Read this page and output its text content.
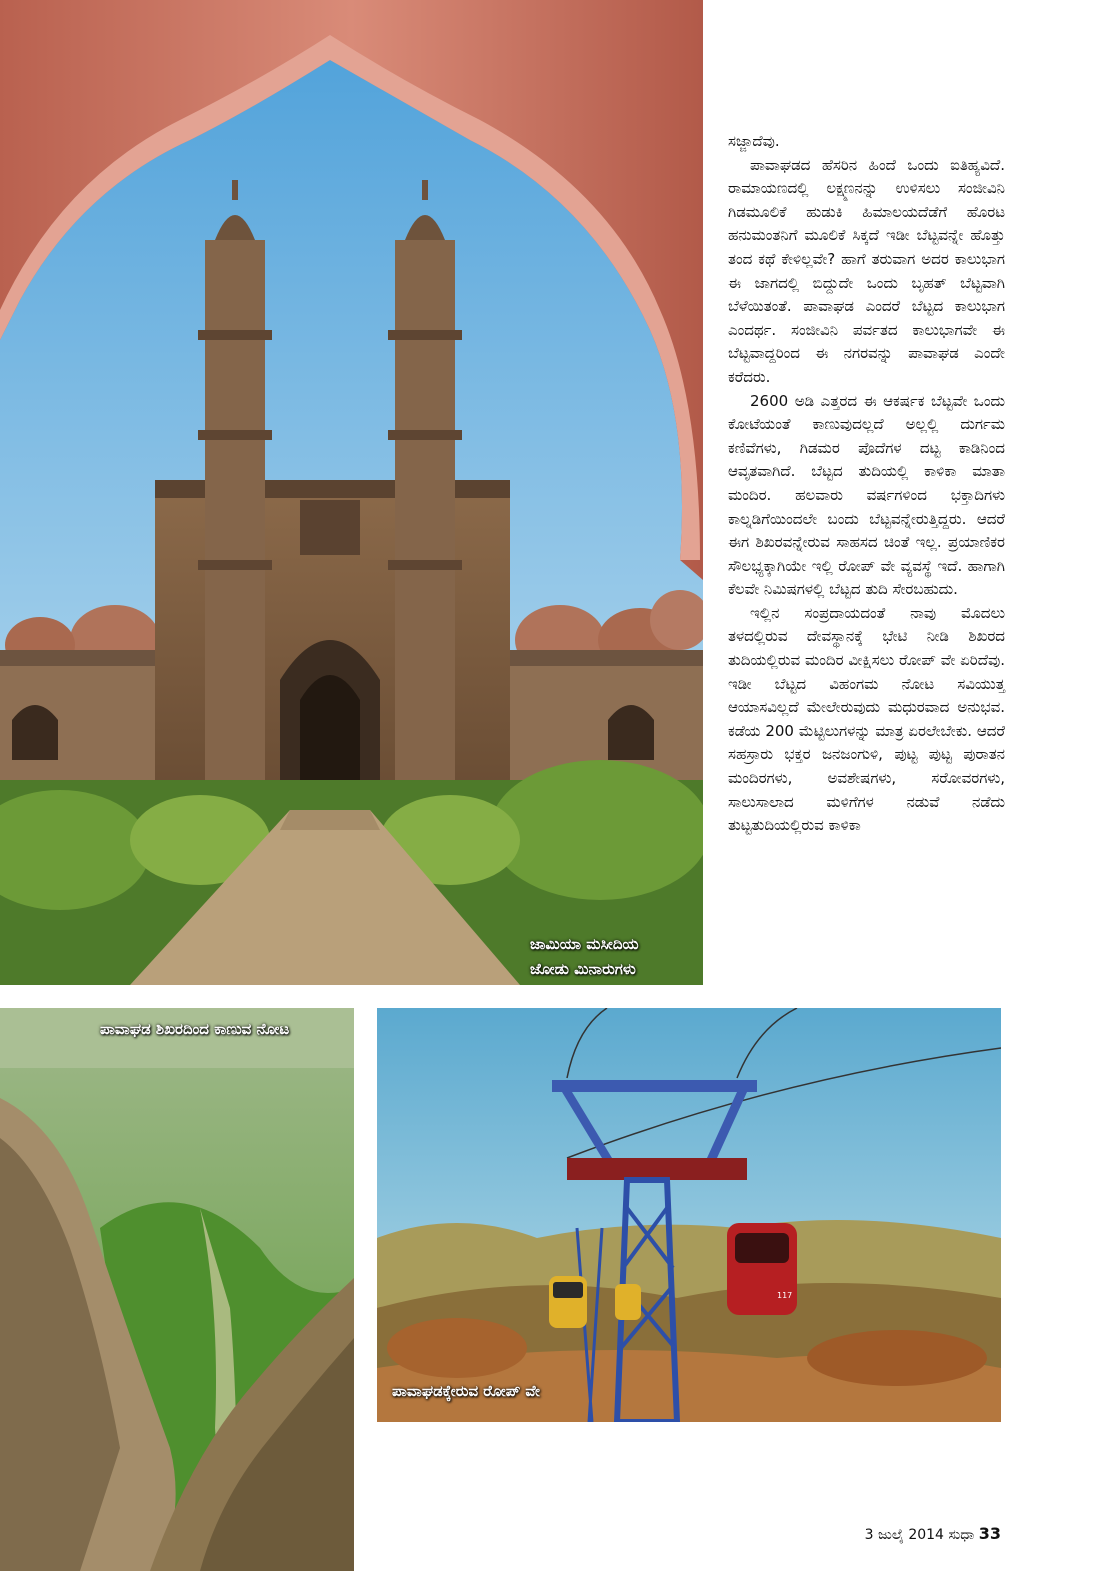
ಜಾಮಿಯಾ ಮಸೀದಿಯ
ಜೋಡು ಮಿನಾರುಗಳು

ಸಜ್ಜಾದೆವು.

ಪಾವಾಘಡದ ಹೆಸರಿನ ಹಿಂದೆ ಒಂದು ಐತಿಹ್ಯವಿದೆ. ರಾಮಾಯಣದಲ್ಲಿ ಲಕ್ಷ್ಮಣನನ್ನು ಉಳಿಸಲು ಸಂಜೀವಿನಿ ಗಿಡಮೂಲಿಕೆ ಹುಡುಕಿ ಹಿಮಾಲಯದೆಡೆಗೆ ಹೊರಟ ಹನುಮಂತನಿಗೆ ಮೂಲಿಕೆ ಸಿಕ್ಕದೆ ಇಡೀ ಬೆಟ್ಟವನ್ನೇ ಹೊತ್ತು ತಂದ ಕಥೆ ಕೇಳಿಲ್ಲವೇ? ಹಾಗೆ ತರುವಾಗ ಅದರ ಕಾಲುಭಾಗ ಈ ಜಾಗದಲ್ಲಿ ಬಿದ್ದುದೇ ಒಂದು ಬೃಹತ್ ಬೆಟ್ಟವಾಗಿ ಬೆಳೆಯಿತಂತೆ. ಪಾವಾಘಡ ಎಂದರೆ ಬೆಟ್ಟದ ಕಾಲುಭಾಗ ಎಂದರ್ಥ. ಸಂಜೀವಿನಿ ಪರ್ವತದ ಕಾಲುಭಾಗವೇ ಈ ಬೆಟ್ಟವಾದ್ದರಿಂದ ಈ ನಗರವನ್ನು ಪಾವಾಘಡ ಎಂದೇ ಕರೆದರು.

2600 ಅಡಿ ಎತ್ತರದ ಈ ಆಕರ್ಷಕ ಬೆಟ್ಟವೇ ಒಂದು ಕೋಟೆಯಂತೆ ಕಾಣುವುದಲ್ಲದೆ ಅಲ್ಲಲ್ಲಿ ದುರ್ಗಮ ಕಣಿವೆಗಳು, ಗಿಡಮರ ಪೊದೆಗಳ ದಟ್ಟ ಕಾಡಿನಿಂದ ಆವೃತವಾಗಿದೆ. ಬೆಟ್ಟದ ತುದಿಯಲ್ಲಿ ಕಾಳಿಕಾ ಮಾತಾ ಮಂದಿರ. ಹಲವಾರು ವರ್ಷಗಳಿಂದ ಭಕ್ತಾದಿಗಳು ಕಾಲ್ನಡಿಗೆಯಿಂದಲೇ ಬಂದು ಬೆಟ್ಟವನ್ನೇರುತ್ತಿದ್ದರು. ಆದರೆ ಈಗ ಶಿಖರವನ್ನೇರುವ ಸಾಹಸದ ಚಿಂತೆ ಇಲ್ಲ. ಪ್ರಯಾಣಿಕರ ಸೌಲಭ್ಯಕ್ಕಾಗಿಯೇ ಇಲ್ಲಿ ರೋಪ್ ವೇ ವ್ಯವಸ್ಥೆ ಇದೆ. ಹಾಗಾಗಿ ಕೆಲವೇ ನಿಮಿಷಗಳಲ್ಲಿ ಬೆಟ್ಟದ ತುದಿ ಸೇರಬಹುದು.

ಇಲ್ಲಿನ ಸಂಪ್ರದಾಯದಂತೆ ನಾವು ಮೊದಲು ತಳದಲ್ಲಿರುವ ದೇವಸ್ಥಾನಕ್ಕೆ ಭೇಟಿ ನೀಡಿ ಶಿಖರದ ತುದಿಯಲ್ಲಿರುವ ಮಂದಿರ ವೀಕ್ಷಿಸಲು ರೋಪ್ ವೇ ಏರಿದೆವು. ಇಡೀ ಬೆಟ್ಟದ ವಿಹಂಗಮ ನೋಟ ಸವಿಯುತ್ತ ಆಯಾಸವಿಲ್ಲದೆ ಮೇಲೇರುವುದು ಮಧುರವಾದ ಅನುಭವ. ಕಡೆಯ 200 ಮೆಟ್ಟಿಲುಗಳನ್ನು ಮಾತ್ರ ಏರಲೇಬೇಕು. ಆದರೆ ಸಹಸ್ರಾರು ಭಕ್ತರ ಜನಜಂಗುಳಿ, ಪುಟ್ಟ ಪುಟ್ಟ ಪುರಾತನ ಮಂದಿರಗಳು, ಅವಶೇಷಗಳು, ಸರೋವರಗಳು, ಸಾಲುಸಾಲಾದ ಮಳಿಗೆಗಳ ನಡುವೆ ನಡೆದು ತುಟ್ಟತುದಿಯಲ್ಲಿರುವ ಕಾಳಿಕಾ

ಪಾವಾಘಡ ಶಿಖರದಿಂದ ಕಾಣುವ ನೋಟ
117
ಪಾವಾಘಡಕ್ಕೇರುವ ರೋಪ್ ವೇ
3 ಜುಲೈ 2014 ಸುಧಾ 33
